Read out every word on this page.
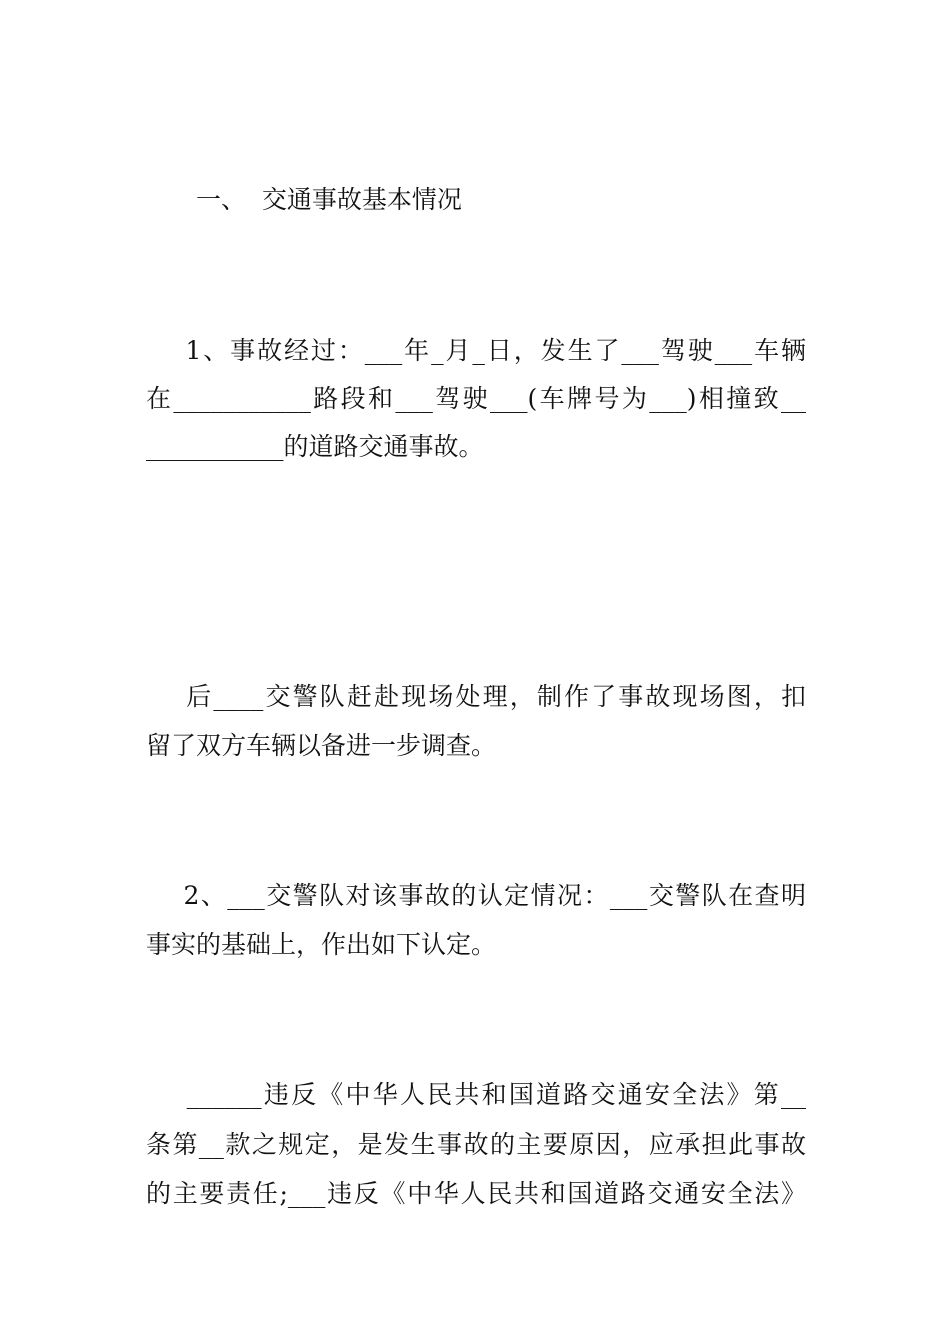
一、  交通事故基本情况
1、事故经过：___年_月_日，发生了___驾驶___车辆
在___________路段和___驾驶___(车牌号为___)相撞致__
___________的道路交通事故。
后____交警队赶赴现场处理，制作了事故现场图，扣
留了双方车辆以备进一步调查。
2、___交警队对该事故的认定情况：___交警队在查明
事实的基础上，作出如下认定。
______违反《中华人民共和国道路交通安全法》第__
条第__款之规定，是发生事故的主要原因，应承担此事故
的主要责任;___违反《中华人民共和国道路交通安全法》
